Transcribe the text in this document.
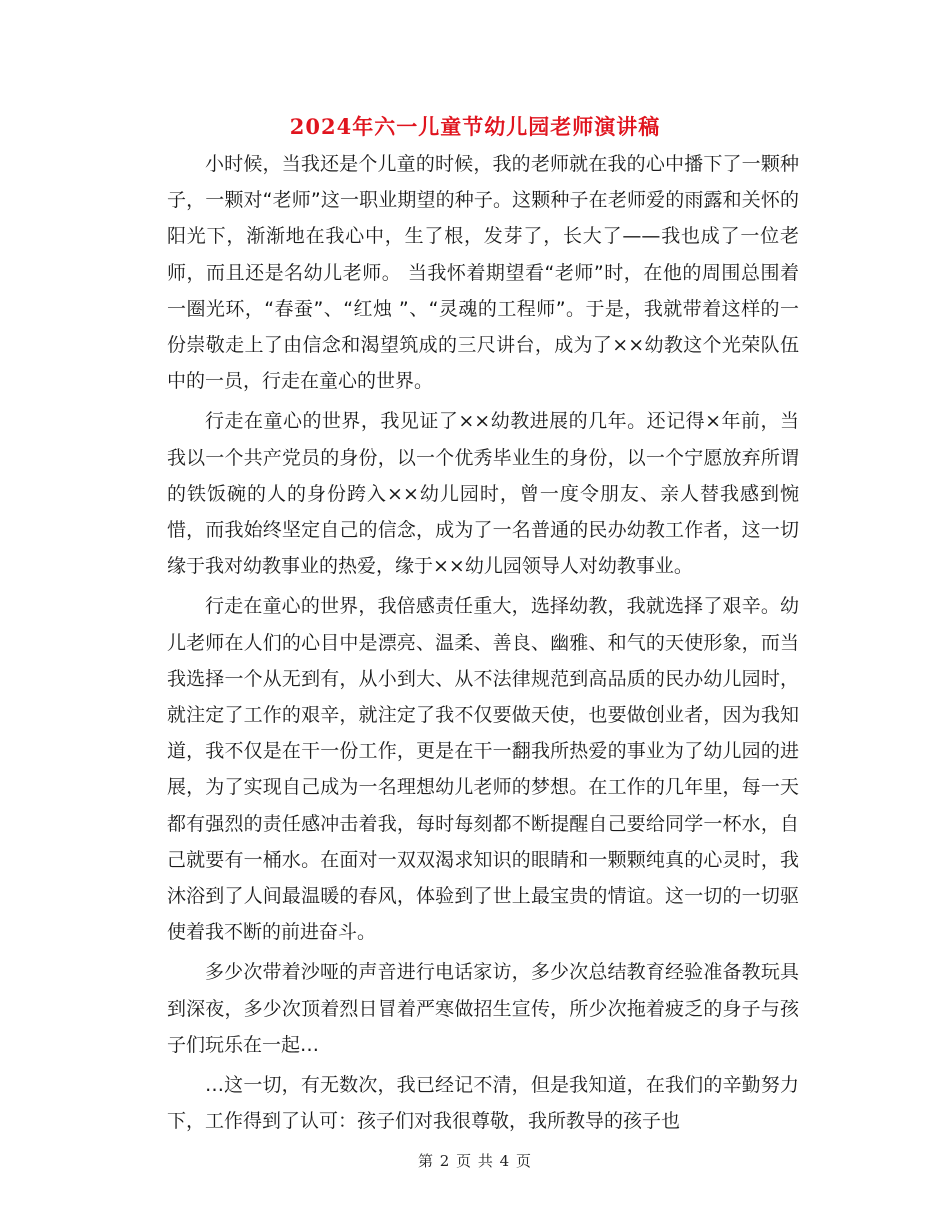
2024年六一儿童节幼儿园老师演讲稿

小时候，当我还是个儿童的时候，我的老师就在我的心中播下了一颗种子，一颗对“老师”这一职业期望的种子。这颗种子在老师爱的雨露和关怀的阳光下，渐渐地在我心中，生了根，发芽了，长大了——我也成了一位老师，而且还是名幼儿老师。 当我怀着期望看“老师”时，在他的周围总围着一圈光环，“春蚕”、“红烛 ”、“灵魂的工程师”。于是，我就带着这样的一份崇敬走上了由信念和渴望筑成的三尺讲台，成为了××幼教这个光荣队伍中的一员，行走在童心的世界。

行走在童心的世界，我见证了××幼教进展的几年。还记得×年前，当我以一个共产党员的身份，以一个优秀毕业生的身份，以一个宁愿放弃所谓的铁饭碗的人的身份跨入××幼儿园时，曾一度令朋友、亲人替我感到惋惜，而我始终坚定自己的信念，成为了一名普通的民办幼教工作者，这一切缘于我对幼教事业的热爱，缘于××幼儿园领导人对幼教事业。

行走在童心的世界，我倍感责任重大，选择幼教，我就选择了艰辛。幼儿老师在人们的心目中是漂亮、温柔、善良、幽雅、和气的天使形象，而当我选择一个从无到有，从小到大、从不法律规范到高品质的民办幼儿园时，就注定了工作的艰辛，就注定了我不仅要做天使，也要做创业者，因为我知道，我不仅是在干一份工作，更是在干一翻我所热爱的事业为了幼儿园的进展，为了实现自己成为一名理想幼儿老师的梦想。在工作的几年里，每一天都有强烈的责任感冲击着我，每时每刻都不断提醒自己要给同学一杯水，自己就要有一桶水。在面对一双双渴求知识的眼睛和一颗颗纯真的心灵时，我沐浴到了人间最温暖的春风，体验到了世上最宝贵的情谊。这一切的一切驱使着我不断的前进奋斗。

多少次带着沙哑的声音进行电话家访，多少次总结教育经验准备教玩具到深夜，多少次顶着烈日冒着严寒做招生宣传，所少次拖着疲乏的身子与孩子们玩乐在一起…

…这一切，有无数次，我已经记不清，但是我知道，在我们的辛勤努力下，工作得到了认可：孩子们对我很尊敬，我所教导的孩子也

第 2 页 共 4 页
